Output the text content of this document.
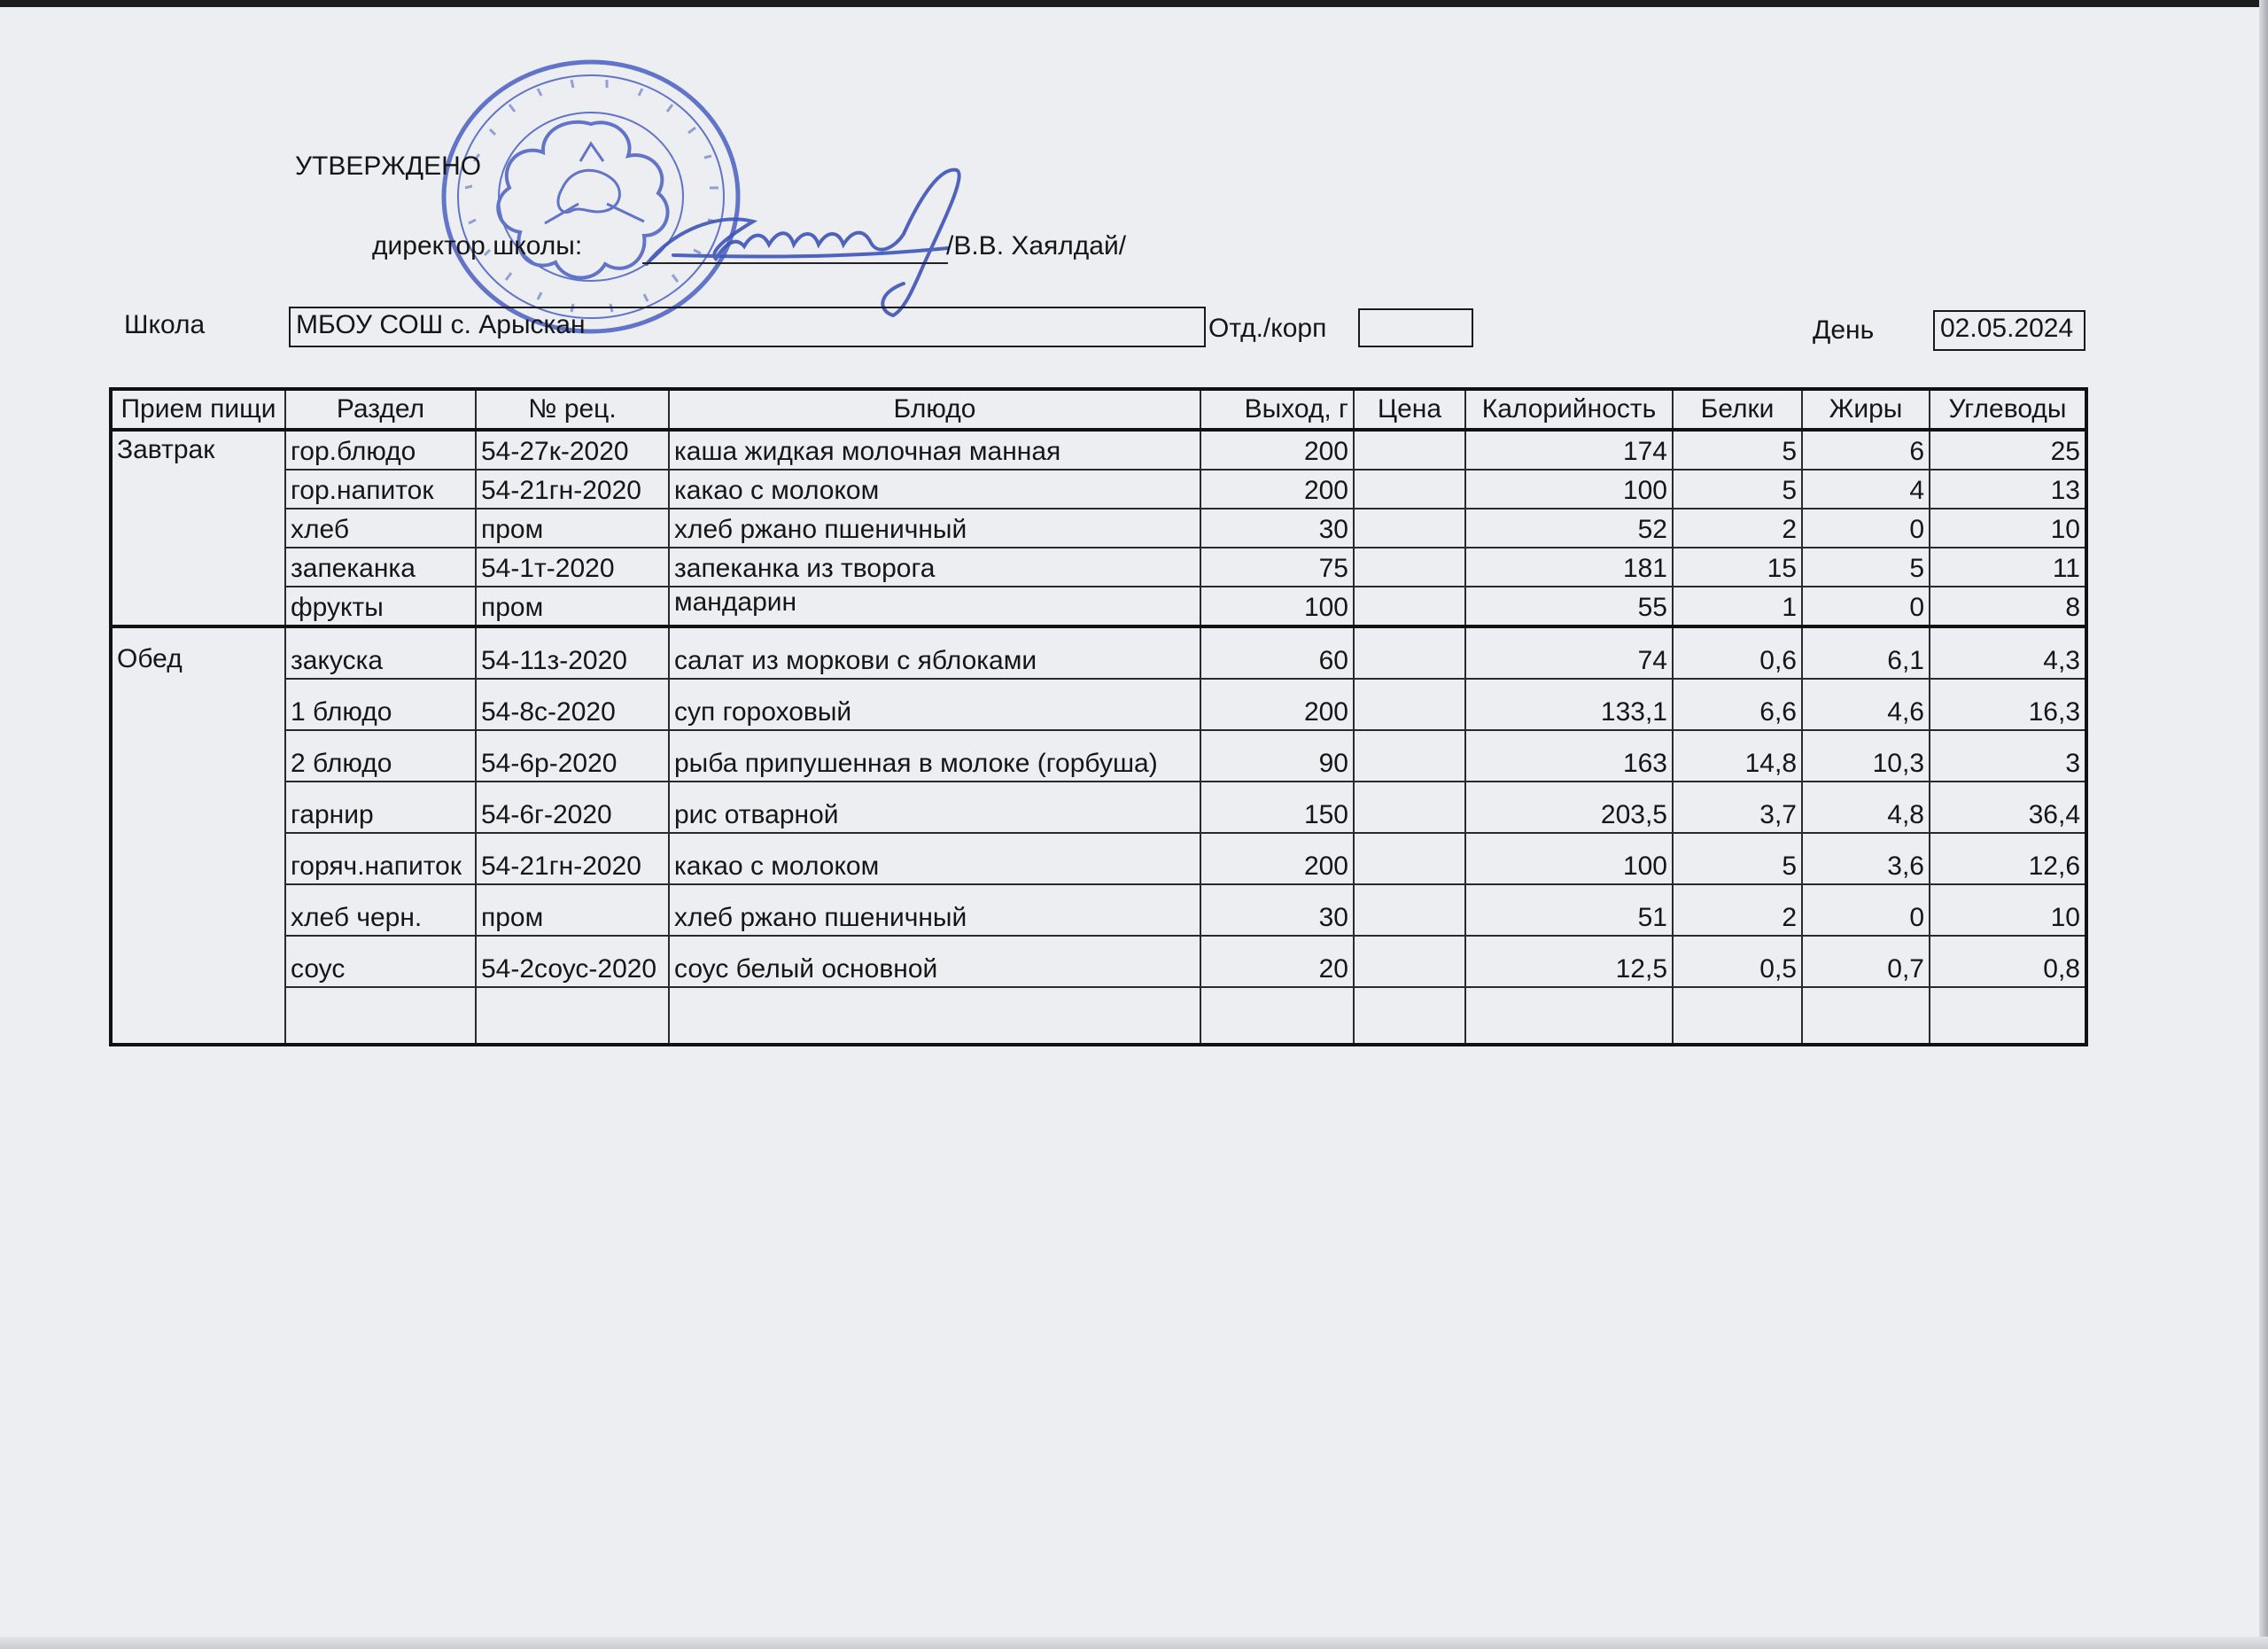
УТВЕРЖДЕНО
директор школы:	/В.В. Хаялдай/
Школа	МБОУ СОШ с. Арыскан	Отд./корп	День 02.05.2024
Прием пищи	Раздел	№ рец.	Блюдо	Выход, г	Цена	Калорийность	Белки	Жиры	Углеводы
Завтрак	гор.блюдо	54-27к-2020	каша жидкая молочная манная	200		174	5	6	25
	гор.напиток	54-21гн-2020	какао с молоком	200		100	5	4	13
	хлеб	пром	хлеб ржано пшеничный	30		52	2	0	10
	запеканка	54-1т-2020	запеканка из творога	75		181	15	5	11
	фрукты	пром	мандарин	100		55	1	0	8
Обед	закуска	54-11з-2020	салат из моркови с яблоками	60		74	0,6	6,1	4,3
	1 блюдо	54-8с-2020	суп гороховый	200		133,1	6,6	4,6	16,3
	2 блюдо	54-6р-2020	рыба припушенная в молоке (горбуша)	90		163	14,8	10,3	3
	гарнир	54-6г-2020	рис отварной	150		203,5	3,7	4,8	36,4
	горяч.напиток	54-21гн-2020	какао с молоком	200		100	5	3,6	12,6
	хлеб черн.	пром	хлеб ржано пшеничный	30		51	2	0	10
	соус	54-2соус-2020	соус белый основной	20		12,5	0,5	0,7	0,8
